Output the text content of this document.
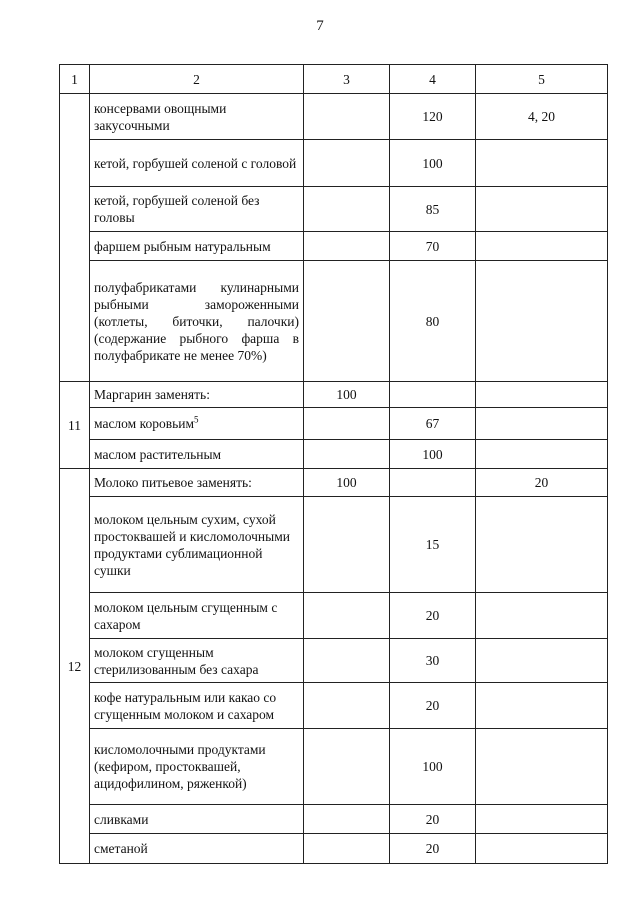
7
1	2	3	4	5
	консервами овощными закусочными		120	4, 20
	кетой, горбушей соленой с головой		100	
	кетой, горбушей соленой без головы		85	
	фаршем рыбным натуральным		70	
	полуфабрикатами кулинарными рыбными замороженными (котлеты, биточки, палочки) (содержание рыбного фарша в полуфабрикате не менее 70%)		80	
11	Маргарин заменять:	100		
	маслом коровьим$^5$		67	
	маслом растительным		100	
12	Молоко питьевое заменять:	100		20
	молоком цельным сухим, сухой простоквашей и кисломолочными продуктами сублимационной сушки		15	
	молоком цельным сгущенным с сахаром		20	
	молоком сгущенным стерилизованным без сахара		30	
	кофе натуральным или какао со сгущенным молоком и сахаром		20	
	кисломолочными продуктами (кефиром, простоквашей, ацидофилином, ряженкой)		100	
	сливками		20	
	сметаной		20	
